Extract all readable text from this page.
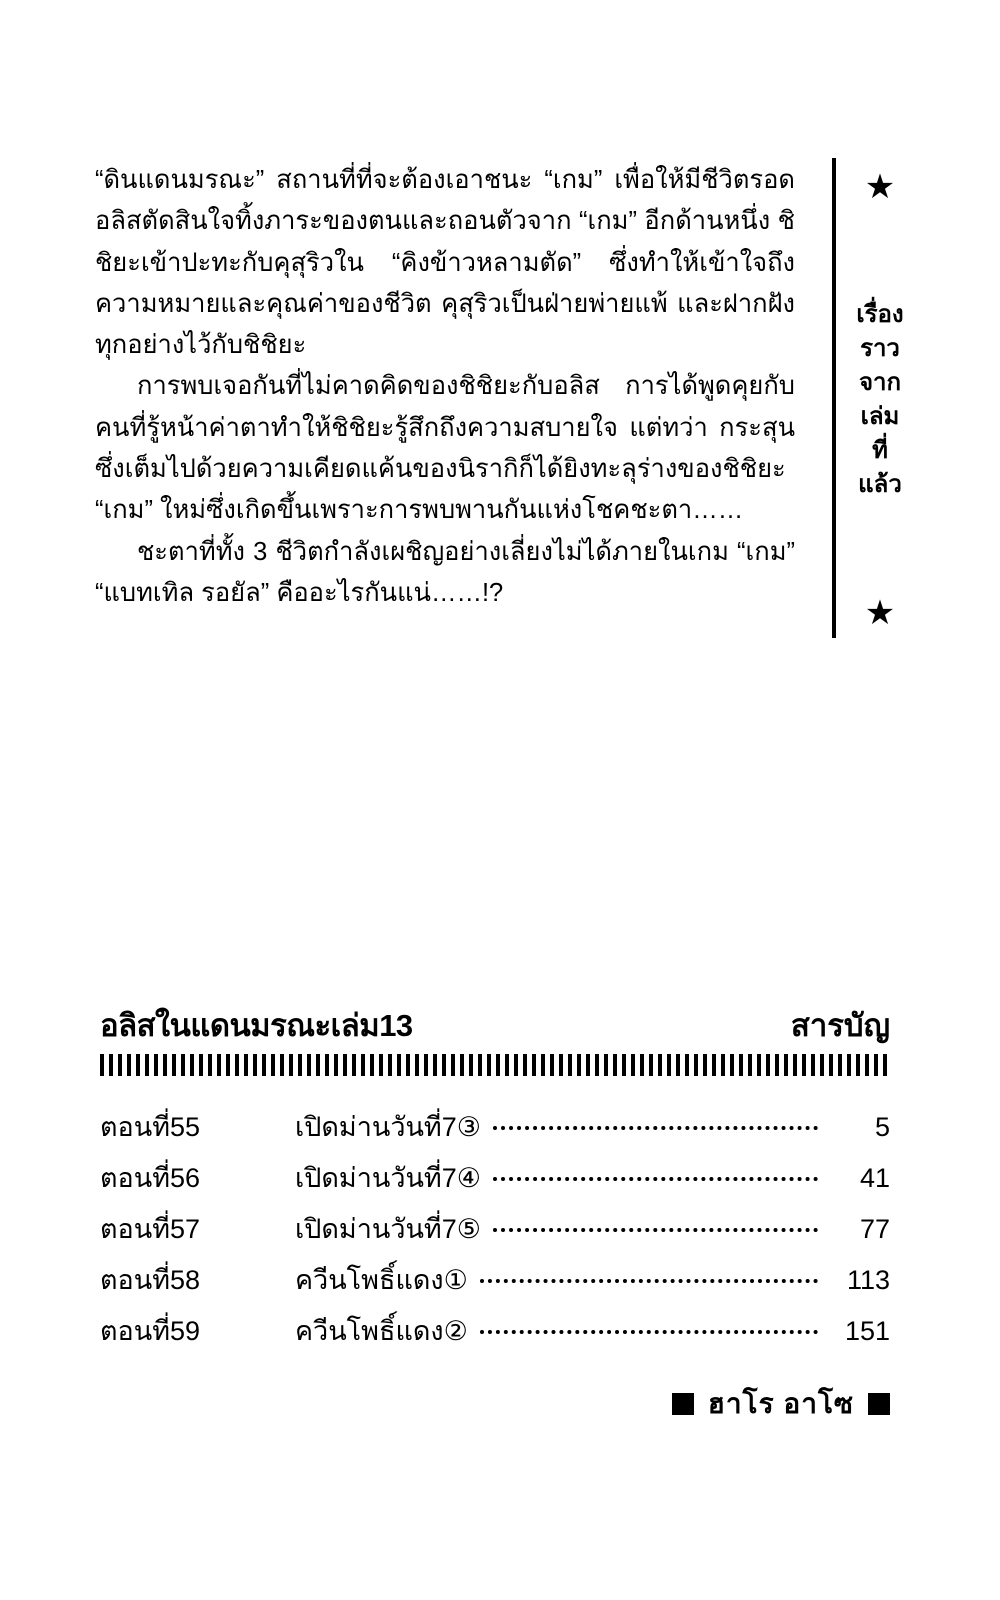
“ดินแดนมรณะ” สถานที่ที่จะต้องเอาชนะ “เกม” เพื่อให้มีชีวิตรอด อลิสตัดสินใจทิ้งภาระของตนและถอนตัวจาก “เกม” อีกด้านหนึ่ง ชิชิยะเข้าปะทะกับคุสุริวใน “คิงข้าวหลามตัด” ซึ่งทำให้เข้าใจถึงความหมายและคุณค่าของชีวิต คุสุริวเป็นฝ่ายพ่ายแพ้ และฝากฝังทุกอย่างไว้กับชิชิยะ

การพบเจอกันที่ไม่คาดคิดของชิชิยะกับอลิส การได้พูดคุยกับคนที่รู้หน้าค่าตาทำให้ชิชิยะรู้สึกถึงความสบายใจ แต่ทว่า กระสุนซึ่งเต็มไปด้วยความเคียดแค้นของนิรากิก็ได้ยิงทะลุร่างของชิชิยะ “เกม” ใหม่ซึ่งเกิดขึ้นเพราะการพบพานกันแห่งโชคชะตา……

ชะตาที่ทั้ง 3 ชีวิตกำลังเผชิญอย่างเลี่ยงไม่ได้ภายในเกม “เกม” “แบทเทิล รอยัล” คืออะไรกันแน่……!?

★
เรื่อง
ราว
จาก
เล่ม
ที่
แล้ว
★
อลิสในแดนมรณะเล่ม13	สารบัญ
ตอนที่55	เปิดม่านวันที่7③	5
ตอนที่56	เปิดม่านวันที่7④	41
ตอนที่57	เปิดม่านวันที่7⑤	77
ตอนที่58	ควีนโพธิ์แดง①	113
ตอนที่59	ควีนโพธิ์แดง②	151
ฮาโร อาโซ
